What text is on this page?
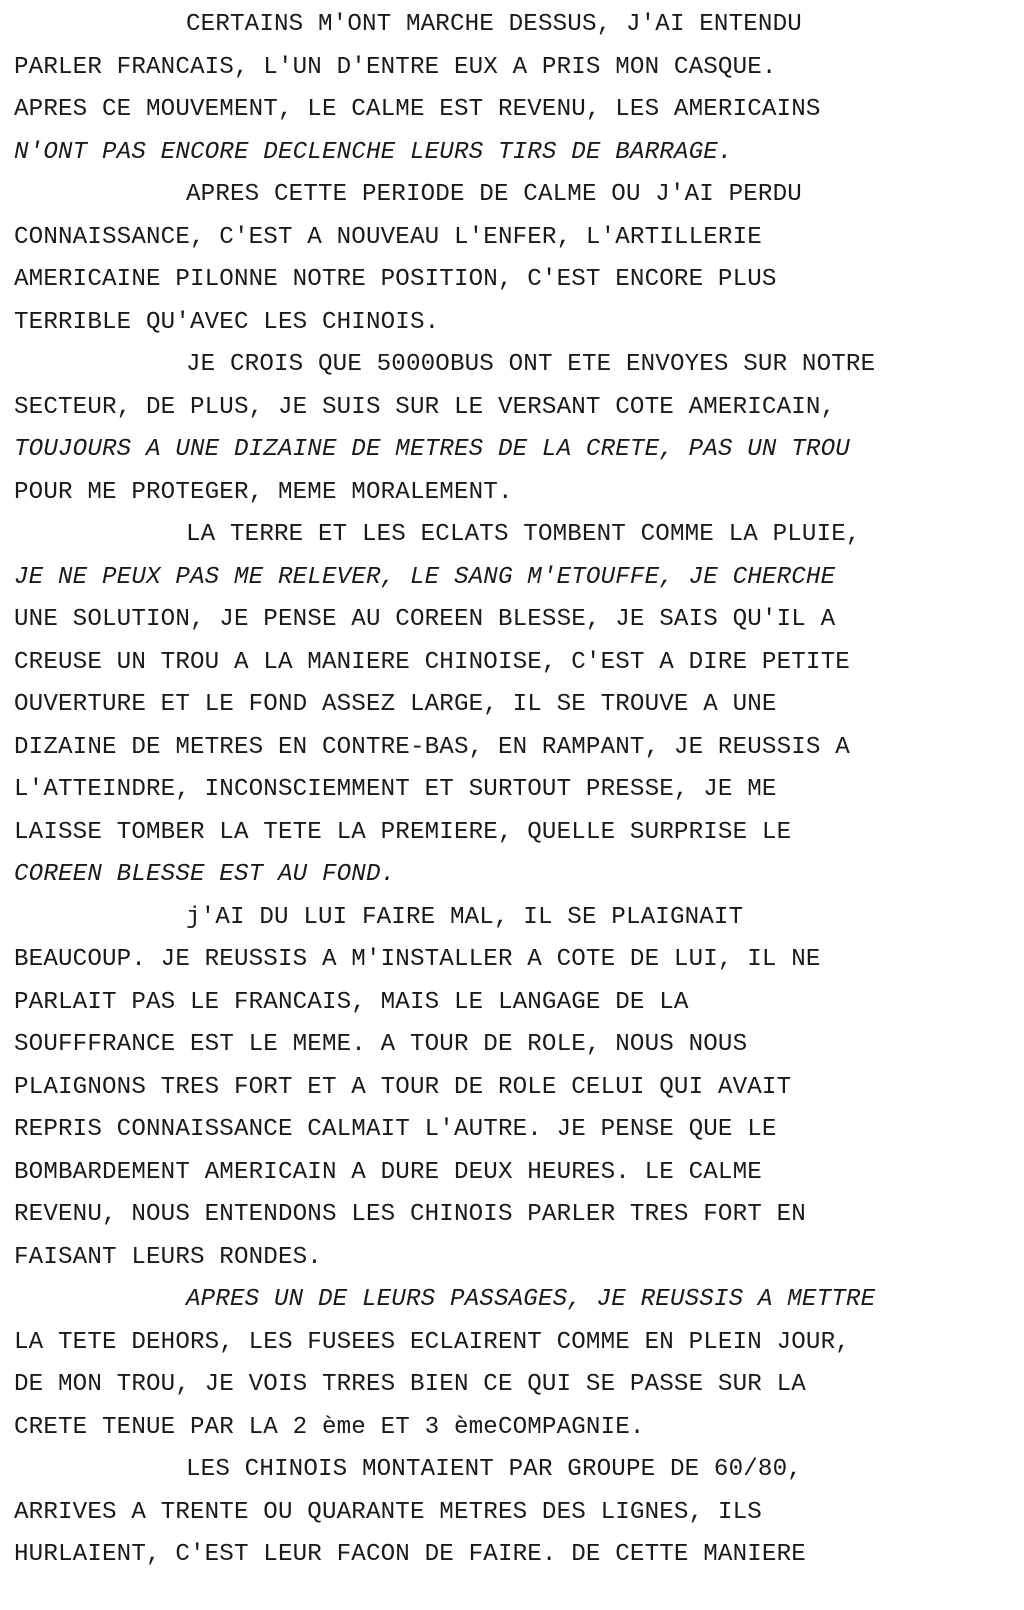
CERTAINS M'ONT MARCHE DESSUS, J'AI ENTENDU
PARLER FRANCAIS, L'UN D'ENTRE EUX A PRIS MON CASQUE.
APRES CE MOUVEMENT, LE CALME EST REVENU, LES AMERICAINS
N'ONT PAS ENCORE DECLENCHE LEURS TIRS DE BARRAGE.
APRES CETTE PERIODE DE CALME OU J'AI PERDU
CONNAISSANCE, C'EST A NOUVEAU L'ENFER, L'ARTILLERIE
AMERICAINE PILONNE NOTRE POSITION, C'EST ENCORE PLUS
TERRIBLE QU'AVEC LES CHINOIS.
JE CROIS QUE 5000OBUS ONT ETE ENVOYES SUR NOTRE
SECTEUR, DE PLUS, JE SUIS SUR LE VERSANT COTE AMERICAIN,
TOUJOURS A UNE DIZAINE DE METRES DE LA CRETE, PAS UN TROU
POUR ME PROTEGER, MEME MORALEMENT.
LA TERRE ET LES ECLATS TOMBENT COMME LA PLUIE,
JE NE PEUX PAS ME RELEVER, LE SANG M'ETOUFFE, JE CHERCHE
UNE SOLUTION, JE PENSE AU COREEN BLESSE, JE SAIS QU'IL A
CREUSE UN TROU A LA MANIERE CHINOISE, C'EST A DIRE PETITE
OUVERTURE ET LE FOND ASSEZ LARGE, IL SE TROUVE A UNE
DIZAINE DE METRES EN CONTRE-BAS, EN RAMPANT, JE REUSSIS A
L'ATTEINDRE, INCONSCIEMMENT ET SURTOUT PRESSE, JE ME
LAISSE TOMBER LA TETE LA PREMIERE, QUELLE SURPRISE LE
COREEN BLESSE EST AU FOND.
j'AI DU LUI FAIRE MAL, IL SE PLAIGNAIT
BEAUCOUP. JE REUSSIS A M'INSTALLER A COTE DE LUI, IL NE
PARLAIT PAS LE FRANCAIS, MAIS LE LANGAGE DE LA
SOUFFFRANCE EST LE MEME. A TOUR DE ROLE, NOUS NOUS
PLAIGNONS TRES FORT ET A TOUR DE ROLE CELUI QUI AVAIT
REPRIS CONNAISSANCE CALMAIT L'AUTRE. JE PENSE QUE LE
BOMBARDEMENT AMERICAIN A DURE DEUX HEURES. LE CALME
REVENU, NOUS ENTENDONS LES CHINOIS PARLER TRES FORT EN
FAISANT LEURS RONDES.
APRES UN DE LEURS PASSAGES, JE REUSSIS A METTRE
LA TETE DEHORS, LES FUSEES ECLAIRENT COMME EN PLEIN JOUR,
DE MON TROU, JE VOIS TRRES BIEN CE QUI SE PASSE SUR LA
CRETE TENUE PAR LA 2 ème ET 3 èmeCOMPAGNIE.
LES CHINOIS MONTAIENT PAR GROUPE DE 60/80,
ARRIVES A TRENTE OU QUARANTE METRES DES LIGNES, ILS
HURLAIENT, C'EST LEUR FACON DE FAIRE. DE CETTE MANIERE
